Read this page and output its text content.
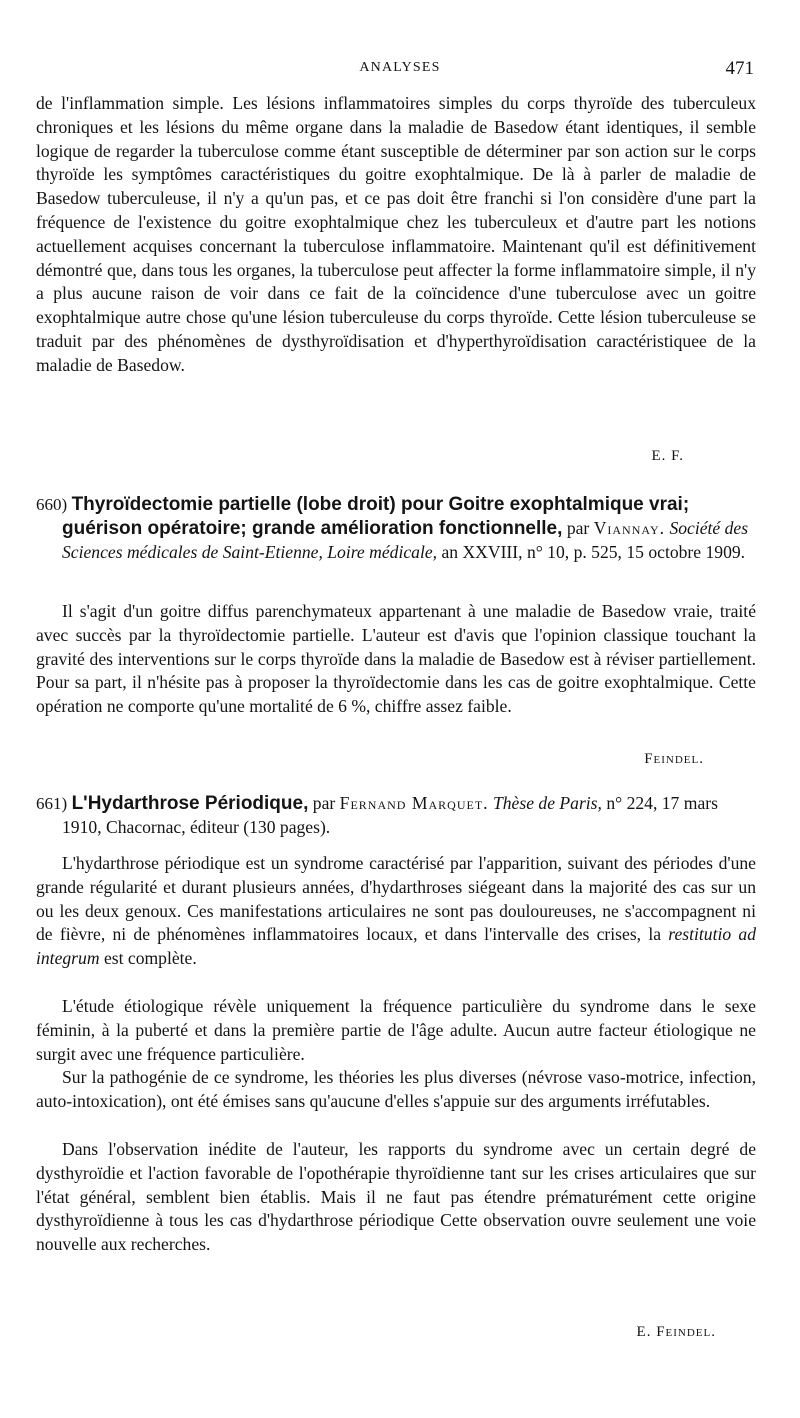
ANALYSES	471

de l'inflammation simple. Les lésions inflammatoires simples du corps thyroïde des tuberculeux chroniques et les lésions du même organe dans la maladie de Basedow étant identiques, il semble logique de regarder la tuberculose comme étant susceptible de déterminer par son action sur le corps thyroïde les symptômes caractéristiques du goitre exophtalmique. De là à parler de maladie de Basedow tuberculeuse, il n'y a qu'un pas, et ce pas doit être franchi si l'on considère d'une part la fréquence de l'existence du goitre exophtalmique chez les tuberculeux et d'autre part les notions actuellement acquises concernant la tuberculose inflammatoire. Maintenant qu'il est définitivement démontré que, dans tous les organes, la tuberculose peut affecter la forme inflammatoire simple, il n'y a plus aucune raison de voir dans ce fait de la coïncidence d'une tuberculose avec un goitre exophtalmique autre chose qu'une lésion tuberculeuse du corps thyroïde. Cette lésion tuberculeuse se traduit par des phénomènes de dysthyroïdisation et d'hyperthyroïdisation caractéristiquee de la maladie de Basedow.

E. F.

660) Thyroïdectomie partielle (lobe droit) pour Goitre exophtalmique vrai; guérison opératoire; grande amélioration fonctionnelle, par Viannay. Société des Sciences médicales de Saint-Etienne, Loire médicale, an XXVIII, n° 10, p. 525, 15 octobre 1909.

Il s'agit d'un goitre diffus parenchymateux appartenant à une maladie de Basedow vraie, traité avec succès par la thyroïdectomie partielle. L'auteur est d'avis que l'opinion classique touchant la gravité des interventions sur le corps thyroïde dans la maladie de Basedow est à réviser partiellement. Pour sa part, il n'hésite pas à proposer la thyroïdectomie dans les cas de goitre exophtalmique. Cette opération ne comporte qu'une mortalité de 6 %, chiffre assez faible.

Feindel.

661) L'Hydarthrose Périodique, par Fernand Marquet. Thèse de Paris, n° 224, 17 mars 1910, Chacornac, éditeur (130 pages).

L'hydarthrose périodique est un syndrome caractérisé par l'apparition, suivant des périodes d'une grande régularité et durant plusieurs années, d'hydarthroses siégeant dans la majorité des cas sur un ou les deux genoux. Ces manifestations articulaires ne sont pas douloureuses, ne s'accompagnent ni de fièvre, ni de phénomènes inflammatoires locaux, et dans l'intervalle des crises, la restitutio ad integrum est complète.

L'étude étiologique révèle uniquement la fréquence particulière du syndrome dans le sexe féminin, à la puberté et dans la première partie de l'âge adulte. Aucun autre facteur étiologique ne surgit avec une fréquence particulière.

Sur la pathogénie de ce syndrome, les théories les plus diverses (névrose vaso-motrice, infection, auto-intoxication), ont été émises sans qu'aucune d'elles s'appuie sur des arguments irréfutables.

Dans l'observation inédite de l'auteur, les rapports du syndrome avec un certain degré de dysthyroïdie et l'action favorable de l'opothérapie thyroïdienne tant sur les crises articulaires que sur l'état général, semblent bien établis. Mais il ne faut pas étendre prématurément cette origine dysthyroïdienne à tous les cas d'hydarthrose périodique Cette observation ouvre seulement une voie nouvelle aux recherches.

E. Feindel.
